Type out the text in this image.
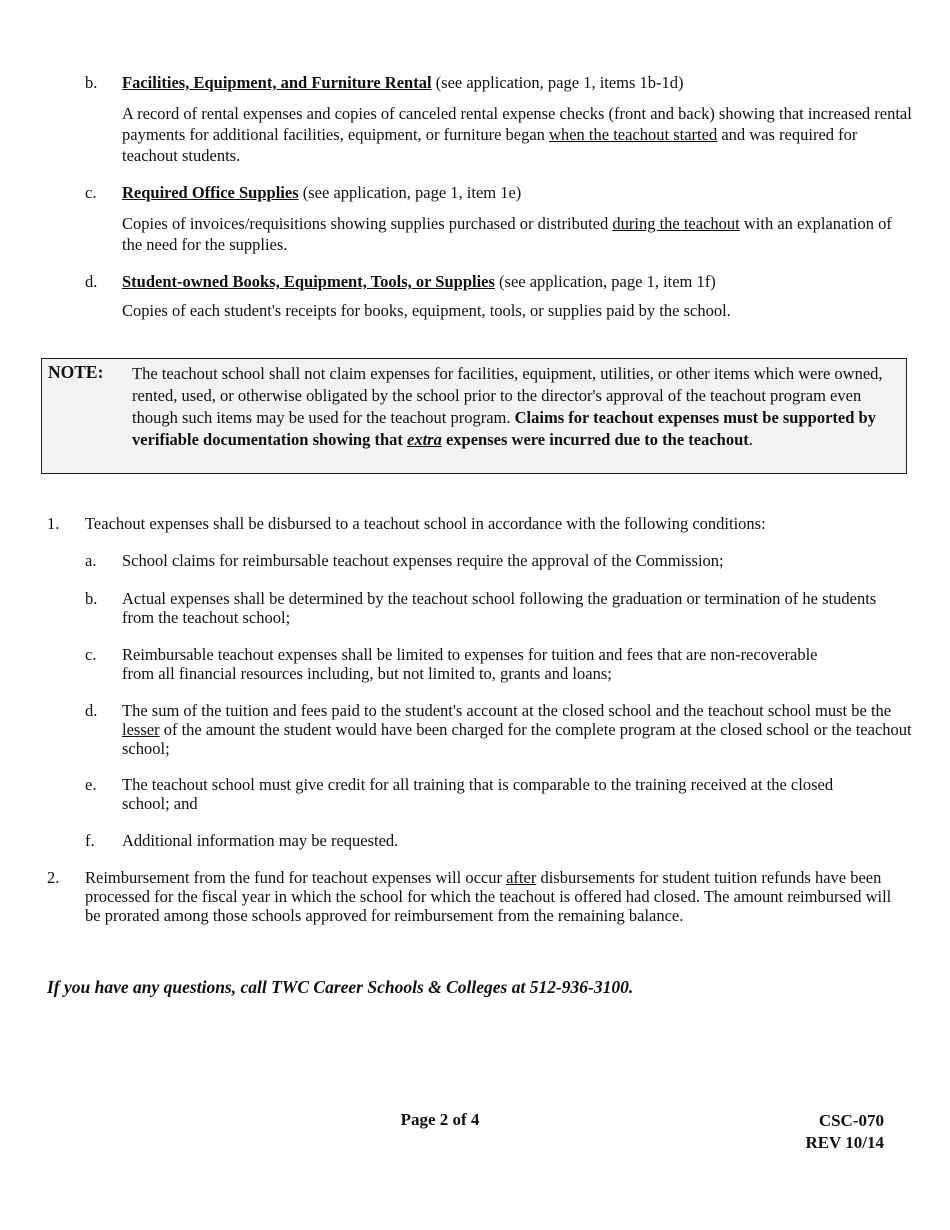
b. Facilities, Equipment, and Furniture Rental (see application, page 1, items 1b-1d)
A record of rental expenses and copies of canceled rental expense checks (front and back) showing that increased rental payments for additional facilities, equipment, or furniture began when the teachout started and was required for teachout students.
c. Required Office Supplies (see application, page 1, item 1e)
Copies of invoices/requisitions showing supplies purchased or distributed during the teachout with an explanation of the need for the supplies.
d. Student-owned Books, Equipment, Tools, or Supplies (see application, page 1, item 1f)
Copies of each student's receipts for books, equipment, tools, or supplies paid by the school.
NOTE: The teachout school shall not claim expenses for facilities, equipment, utilities, or other items which were owned, rented, used, or otherwise obligated by the school prior to the director's approval of the teachout program even though such items may be used for the teachout program. Claims for teachout expenses must be supported by verifiable documentation showing that extra expenses were incurred due to the teachout.
1. Teachout expenses shall be disbursed to a teachout school in accordance with the following conditions:
a. School claims for reimbursable teachout expenses require the approval of the Commission;
b. Actual expenses shall be determined by the teachout school following the graduation or termination of he students from the teachout school;
c. Reimbursable teachout expenses shall be limited to expenses for tuition and fees that are non-recoverable from all financial resources including, but not limited to, grants and loans;
d. The sum of the tuition and fees paid to the student's account at the closed school and the teachout school must be the lesser of the amount the student would have been charged for the complete program at the closed school or the teachout school;
e. The teachout school must give credit for all training that is comparable to the training received at the closed school; and
f. Additional information may be requested.
2. Reimbursement from the fund for teachout expenses will occur after disbursements for student tuition refunds have been processed for the fiscal year in which the school for which the teachout is offered had closed. The amount reimbursed will be prorated among those schools approved for reimbursement from the remaining balance.
If you have any questions, call TWC Career Schools & Colleges at 512-936-3100.
Page 2 of 4	CSC-070
REV 10/14
